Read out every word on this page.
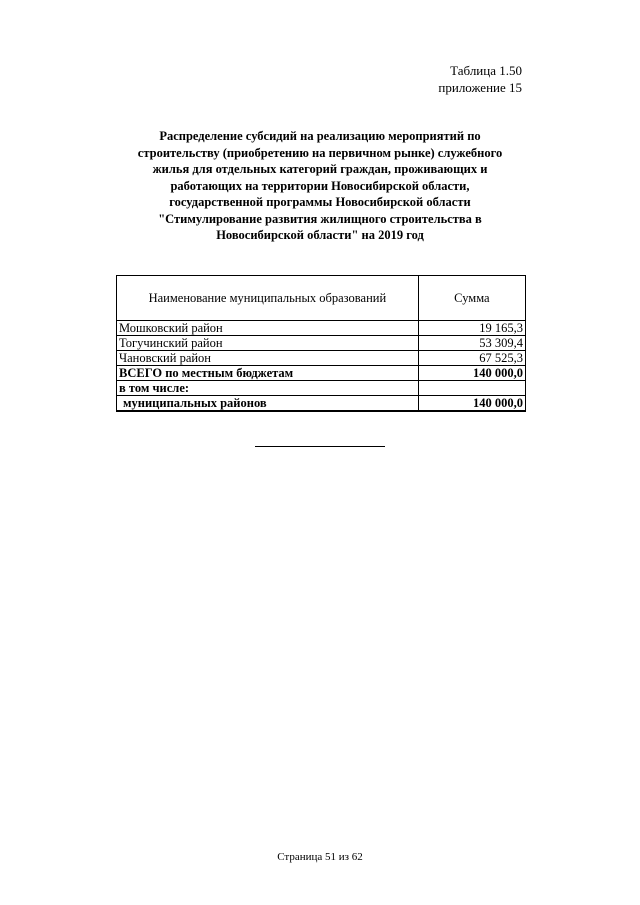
Таблица 1.50
приложение 15
Распределение субсидий на реализацию мероприятий по
строительству (приобретению на первичном рынке) служебного
жилья для отдельных категорий граждан, проживающих и
работающих на территории Новосибирской области,
государственной программы Новосибирской области
"Стимулирование развития жилищного строительства в
Новосибирской области" на 2019 год
Наименование муниципальных образований	Сумма
Мошковский район	19 165,3
Тогучинский район	53 309,4
Чановский район	67 525,3
ВСЕГО по местным бюджетам	140 000,0
в том числе:	
муниципальных районов	140 000,0
Страница 51 из 62
